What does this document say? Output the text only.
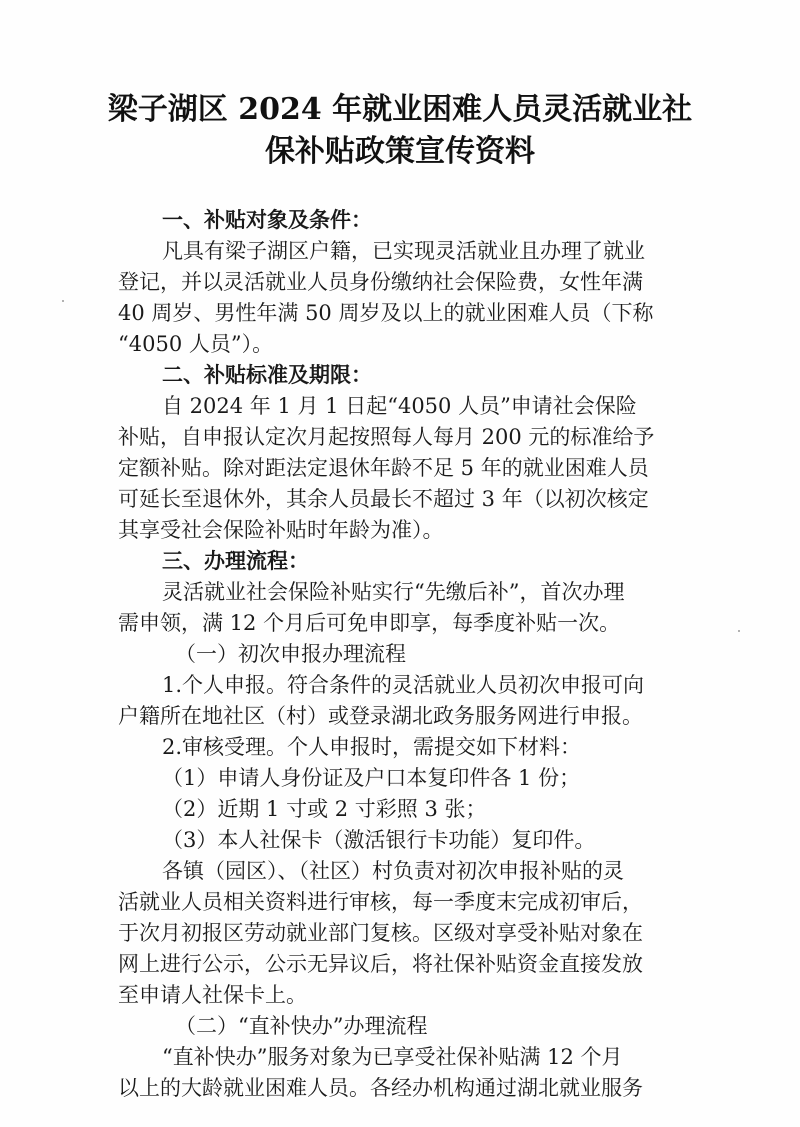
梁子湖区 2024 年就业困难人员灵活就业社
保补贴政策宣传资料
一、补贴对象及条件：
凡具有梁子湖区户籍，已实现灵活就业且办理了就业
登记，并以灵活就业人员身份缴纳社会保险费，女性年满
40 周岁、男性年满 50 周岁及以上的就业困难人员（下称
“4050 人员”）。
二、补贴标准及期限：
自 2024 年 1 月 1 日起“4050 人员”申请社会保险
补贴，自申报认定次月起按照每人每月 200 元的标准给予
定额补贴。除对距法定退休年龄不足 5 年的就业困难人员
可延长至退休外，其余人员最长不超过 3 年（以初次核定
其享受社会保险补贴时年龄为准）。
三、办理流程：
灵活就业社会保险补贴实行“先缴后补”，首次办理
需申领，满 12 个月后可免申即享，每季度补贴一次。
（一）初次申报办理流程
1.个人申报。符合条件的灵活就业人员初次申报可向
户籍所在地社区（村）或登录湖北政务服务网进行申报。
2.审核受理。个人申报时，需提交如下材料：
（1）申请人身份证及户口本复印件各 1 份；
（2）近期 1 寸或 2 寸彩照 3 张；
（3）本人社保卡（激活银行卡功能）复印件。
各镇（园区）、（社区）村负责对初次申报补贴的灵
活就业人员相关资料进行审核，每一季度末完成初审后，
于次月初报区劳动就业部门复核。区级对享受补贴对象在
网上进行公示，公示无异议后，将社保补贴资金直接发放
至申请人社保卡上。
（二）“直补快办”办理流程
“直补快办”服务对象为已享受社保补贴满 12 个月
以上的大龄就业困难人员。各经办机构通过湖北就业服务
